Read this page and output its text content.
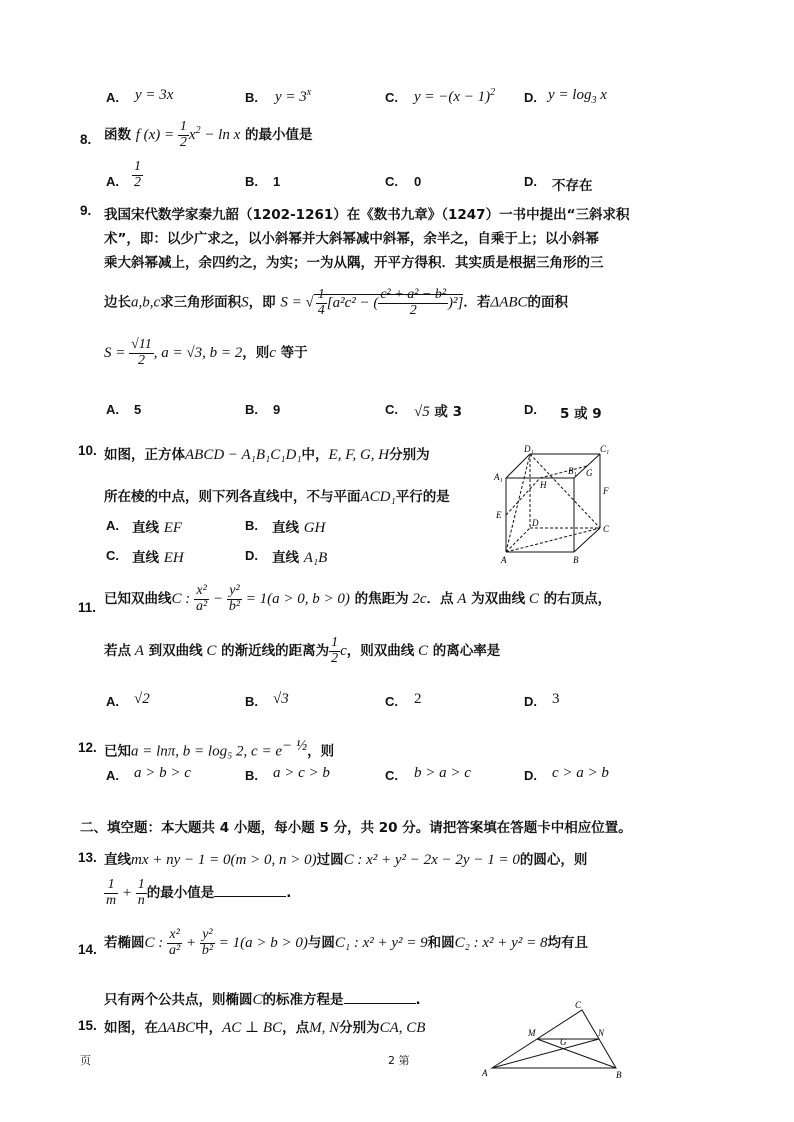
A. y = 3x	B. $y = 3^x$	C. $y = -(x - 1)^2$ D. $y = \log_3 x$
8. 函数 f $(x) = \frac{1}{2} x^2 - \ln x$ 的最小值是
A. $\frac{1}{2}$	B. 1	C. 0	D. 不存在
9. 我国宋代数学家秦九韶（1202-1261）在《数书九章》（1247）一书中提出“三斜求积
术”，即：以少广求之，以小斜幂并大斜幂减中斜幂，余半之，自乘于上；以小斜幂
乘大斜幂减上，余四约之，为实；一为从隅，开平方得积．其实质是根据三角形的三
边长a,b,c求三角形面积S，即 S = √ $\frac{1}{4} [a^2c^2$ − ( $\frac{\text{c² + a² − b²}}{2} )^2$]．若ΔABC的面积
$S = \frac{√11}{2}$ , a = √3, b = 2，则c 等于
A. 5	B. 9	C. √5 或 3	D. 5 或 9
10. 如图，正方体ABCD − A₁B₁C₁D₁中，E, F, G, H分别为
所在棱的中点，则下列各直线中，不与平面ACD₁平行的是
A. 直线 EF	B. 直线 GH
C. 直线 EH	D. 直线 A₁B
D₁	C₁
B₁
A₁
H
G
F
E
D
C
A	B
11.
已知双曲线C : $\frac{\text{x²}}{\text{a²}} - \frac{\text{y²}}{\text{b²}} = 1(a > 0$, b > 0) 的焦距为 2c．点 A 为双曲线 C 的右顶点，
若点 A 到双曲线 C 的渐近线的距离为 $\frac{1}{2}$ c，则双曲线 C 的离心率是
A. √2	B. √3	C. 2	D. 3
12. 已知a = lnπ, b = log₅ 2, $c = e^{- \frac{1}{2}}$，则
A. a > b > c	B. a > c > b	C. b > a > c	D. c > a > b
二、填空题：本大题共 4 小题，每小题 5 分，共 20 分。请把答案填在答题卡中相应位置。
13. 直线mx + ny − 1 = 0(m > 0, n > 0)过圆C : x² + y² − 2x − 2y − 1 = 0的圆心，则
$\frac{1}{m} + \frac{1}{n}$ 的最小值是	.
14. 若椭圆C : $\frac{\text{x²}}{\text{a²}} + \frac{\text{y²}}{\text{b²}} = 1(a > b > 0)$与圆C₁ : x² + y² = 9和圆C₂ : x² + y² = 8均有且
只有两个公共点，则椭圆C的标准方程是	.
15. 如图，在ΔABC中，AC ⊥ BC，点M, N分别为CA, CB
C
M	N
G
A	B
页	2 第
